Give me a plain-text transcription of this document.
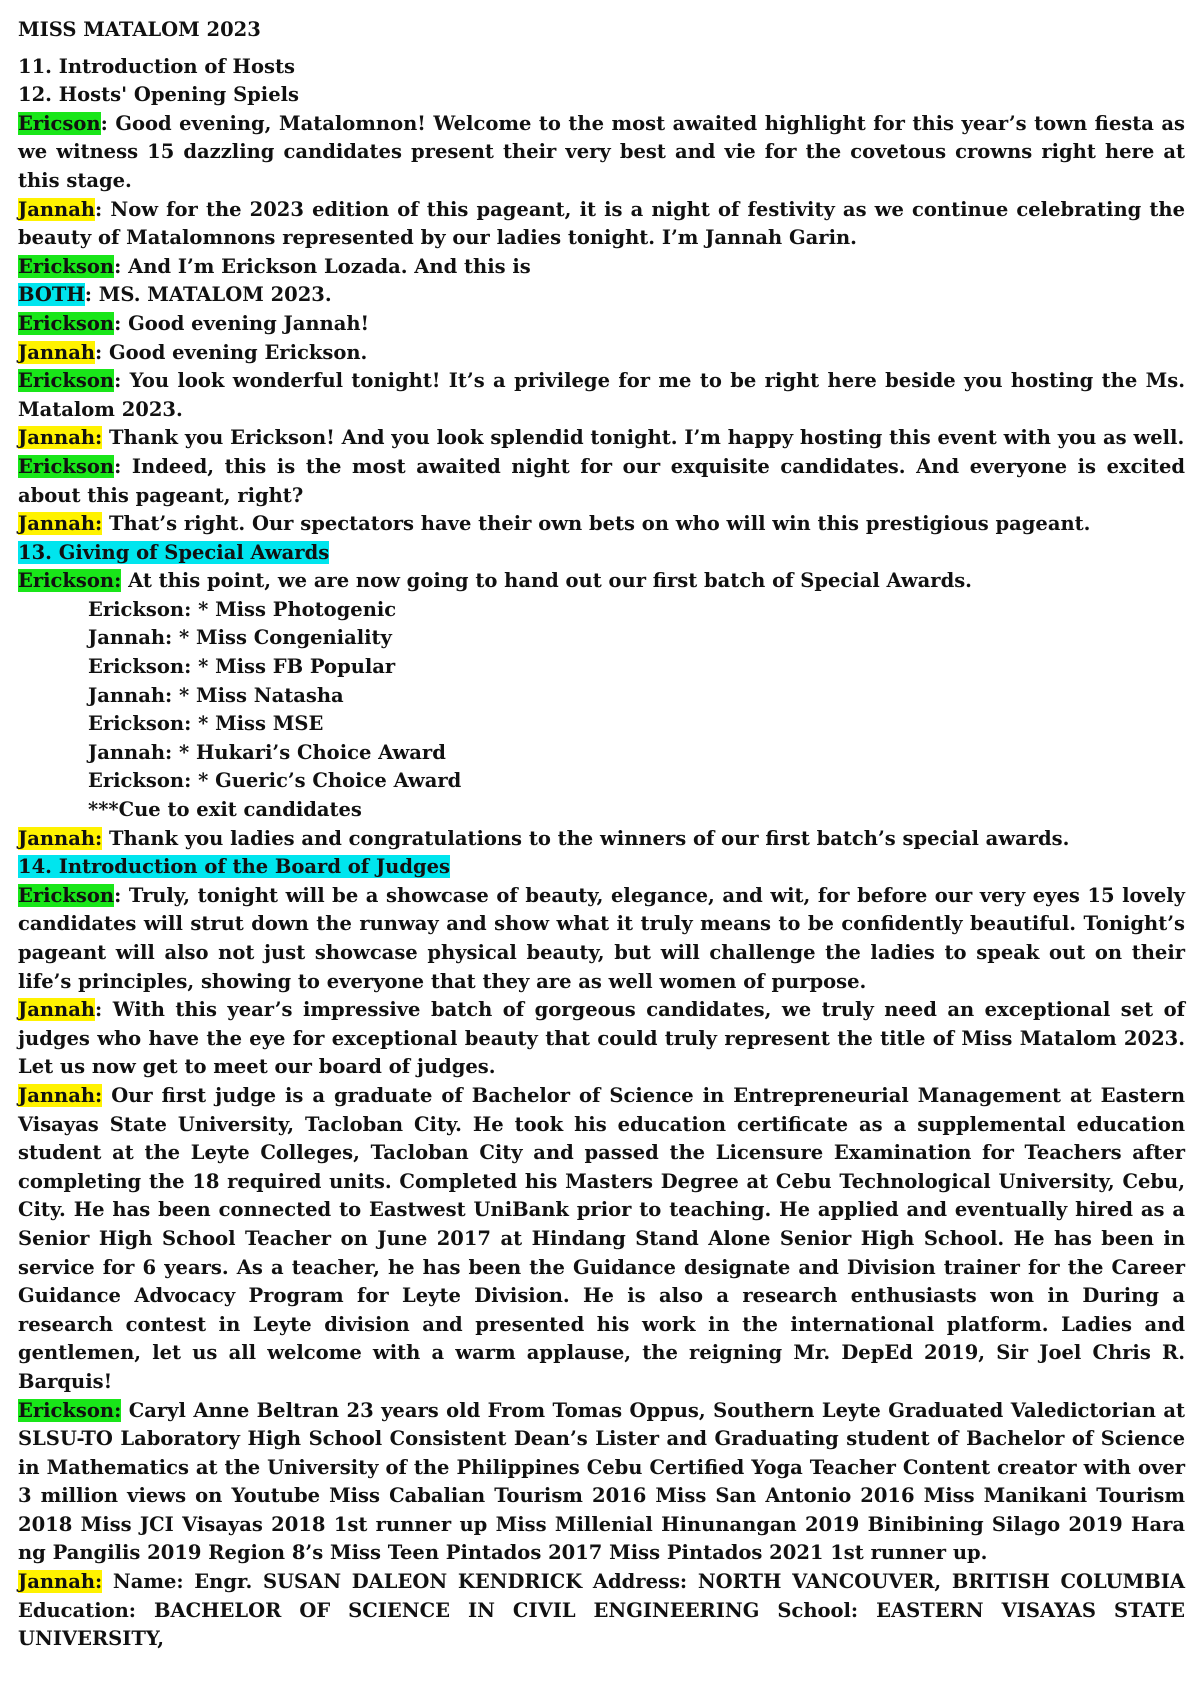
MISS MATALOM 2023
11. Introduction of Hosts
12. Hosts' Opening Spiels
Ericson: Good evening, Matalomnon! Welcome to the most awaited highlight for this year’s town fiesta as we witness 15 dazzling candidates present their very best and vie for the covetous crowns right here at this stage.
Jannah: Now for the 2023 edition of this pageant, it is a night of festivity as we continue celebrating the beauty of Matalomnons represented by our ladies tonight. I’m Jannah Garin.
Erickson: And I’m Erickson Lozada. And this is
BOTH: MS. MATALOM 2023.
Erickson: Good evening Jannah!
Jannah: Good evening Erickson.
Erickson: You look wonderful tonight! It’s a privilege for me to be right here beside you hosting the Ms. Matalom 2023.
Jannah: Thank you Erickson! And you look splendid tonight. I’m happy hosting this event with you as well.
Erickson: Indeed, this is the most awaited night for our exquisite candidates. And everyone is excited about this pageant, right?
Jannah: That’s right. Our spectators have their own bets on who will win this prestigious pageant.
13. Giving of Special Awards
Erickson: At this point, we are now going to hand out our first batch of Special Awards.
Erickson: * Miss Photogenic
Jannah: * Miss Congeniality
Erickson: * Miss FB Popular
Jannah: * Miss Natasha
Erickson: * Miss MSE
Jannah: * Hukari’s Choice Award
Erickson: * Gueric’s Choice Award
***Cue to exit candidates
Jannah: Thank you ladies and congratulations to the winners of our first batch’s special awards.
14. Introduction of the Board of Judges
Erickson: Truly, tonight will be a showcase of beauty, elegance, and wit, for before our very eyes 15 lovely candidates will strut down the runway and show what it truly means to be confidently beautiful. Tonight’s pageant will also not just showcase physical beauty, but will challenge the ladies to speak out on their life’s principles, showing to everyone that they are as well women of purpose.
Jannah: With this year’s impressive batch of gorgeous candidates, we truly need an exceptional set of judges who have the eye for exceptional beauty that could truly represent the title of Miss Matalom 2023. Let us now get to meet our board of judges.
Jannah: Our first judge is a graduate of Bachelor of Science in Entrepreneurial Management at Eastern Visayas State University, Tacloban City. He took his education certificate as a supplemental education student at the Leyte Colleges, Tacloban City and passed the Licensure Examination for Teachers after completing the 18 required units. Completed his Masters Degree at Cebu Technological University, Cebu, City. He has been connected to Eastwest UniBank prior to teaching. He applied and eventually hired as a Senior High School Teacher on June 2017 at Hindang Stand Alone Senior High School. He has been in service for 6 years. As a teacher, he has been the Guidance designate and Division trainer for the Career Guidance Advocacy Program for Leyte Division. He is also a research enthusiasts won in During a research contest in Leyte division and presented his work in the international platform. Ladies and gentlemen, let us all welcome with a warm applause, the reigning Mr. DepEd 2019, Sir Joel Chris R. Barquis!
Erickson: Caryl Anne Beltran 23 years old From Tomas Oppus, Southern Leyte Graduated Valedictorian at SLSU-TO Laboratory High School Consistent Dean’s Lister and Graduating student of Bachelor of Science in Mathematics at the University of the Philippines Cebu Certified Yoga Teacher Content creator with over 3 million views on Youtube Miss Cabalian Tourism 2016 Miss San Antonio 2016 Miss Manikani Tourism 2018 Miss JCI Visayas 2018 1st runner up Miss Millenial Hinunangan 2019 Binibining Silago 2019 Hara ng Pangilis 2019 Region 8’s Miss Teen Pintados 2017 Miss Pintados 2021 1st runner up.
Jannah: Name: Engr. SUSAN DALEON KENDRICK Address: NORTH VANCOUVER, BRITISH COLUMBIA Education: BACHELOR OF SCIENCE IN CIVIL ENGINEERING School: EASTERN VISAYAS STATE UNIVERSITY,
